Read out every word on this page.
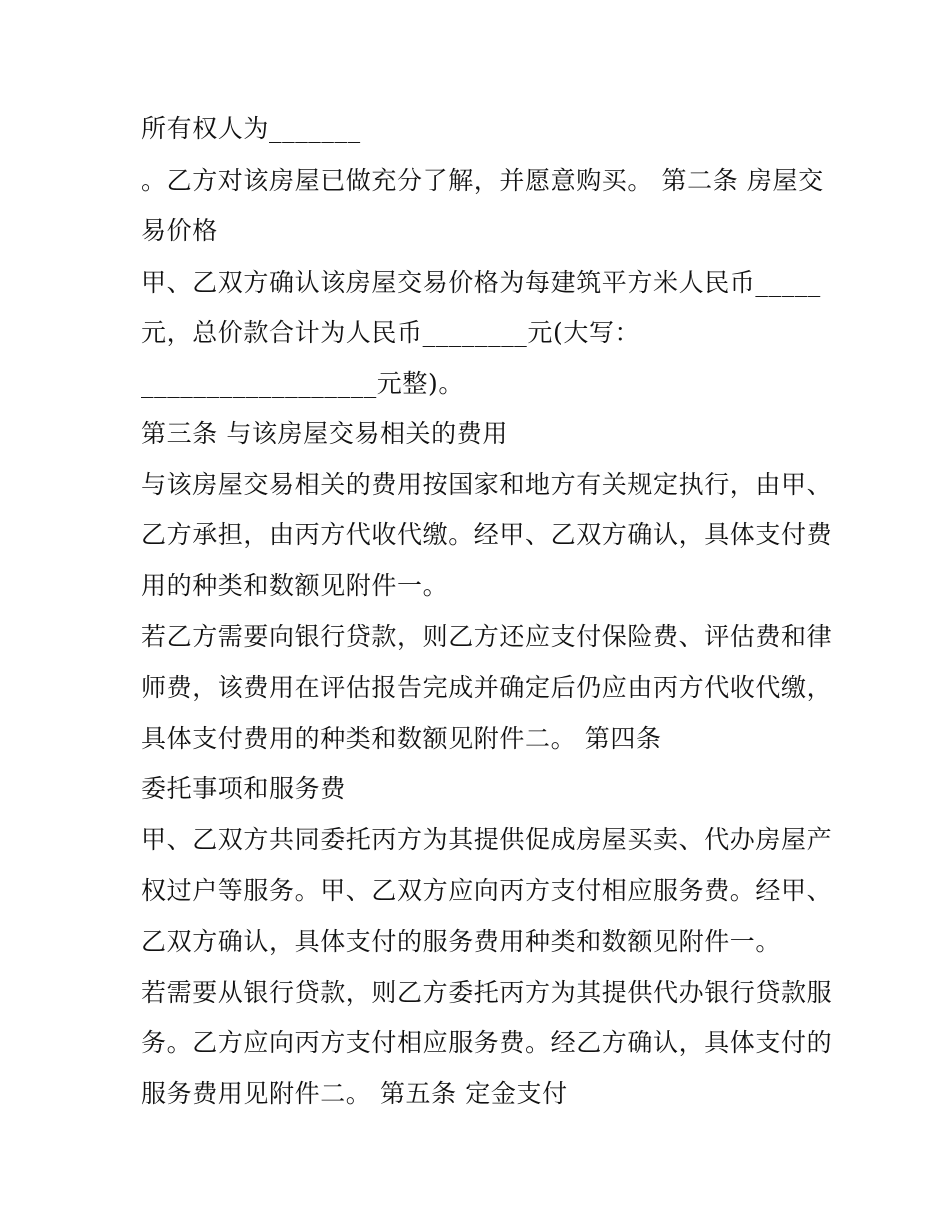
所有权人为_______
。乙方对该房屋已做充分了解，并愿意购买。 第二条 房屋交
易价格
甲、乙双方确认该房屋交易价格为每建筑平方米人民币_____
元，总价款合计为人民币________元(大写：
__________________元整)。
第三条 与该房屋交易相关的费用
与该房屋交易相关的费用按国家和地方有关规定执行，由甲、
乙方承担，由丙方代收代缴。经甲、乙双方确认，具体支付费
用的种类和数额见附件一。
若乙方需要向银行贷款，则乙方还应支付保险费、评估费和律
师费，该费用在评估报告完成并确定后仍应由丙方代收代缴，
具体支付费用的种类和数额见附件二。 第四条
委托事项和服务费
甲、乙双方共同委托丙方为其提供促成房屋买卖、代办房屋产
权过户等服务。甲、乙双方应向丙方支付相应服务费。经甲、
乙双方确认，具体支付的服务费用种类和数额见附件一。
若需要从银行贷款，则乙方委托丙方为其提供代办银行贷款服
务。乙方应向丙方支付相应服务费。经乙方确认，具体支付的
服务费用见附件二。 第五条 定金支付
